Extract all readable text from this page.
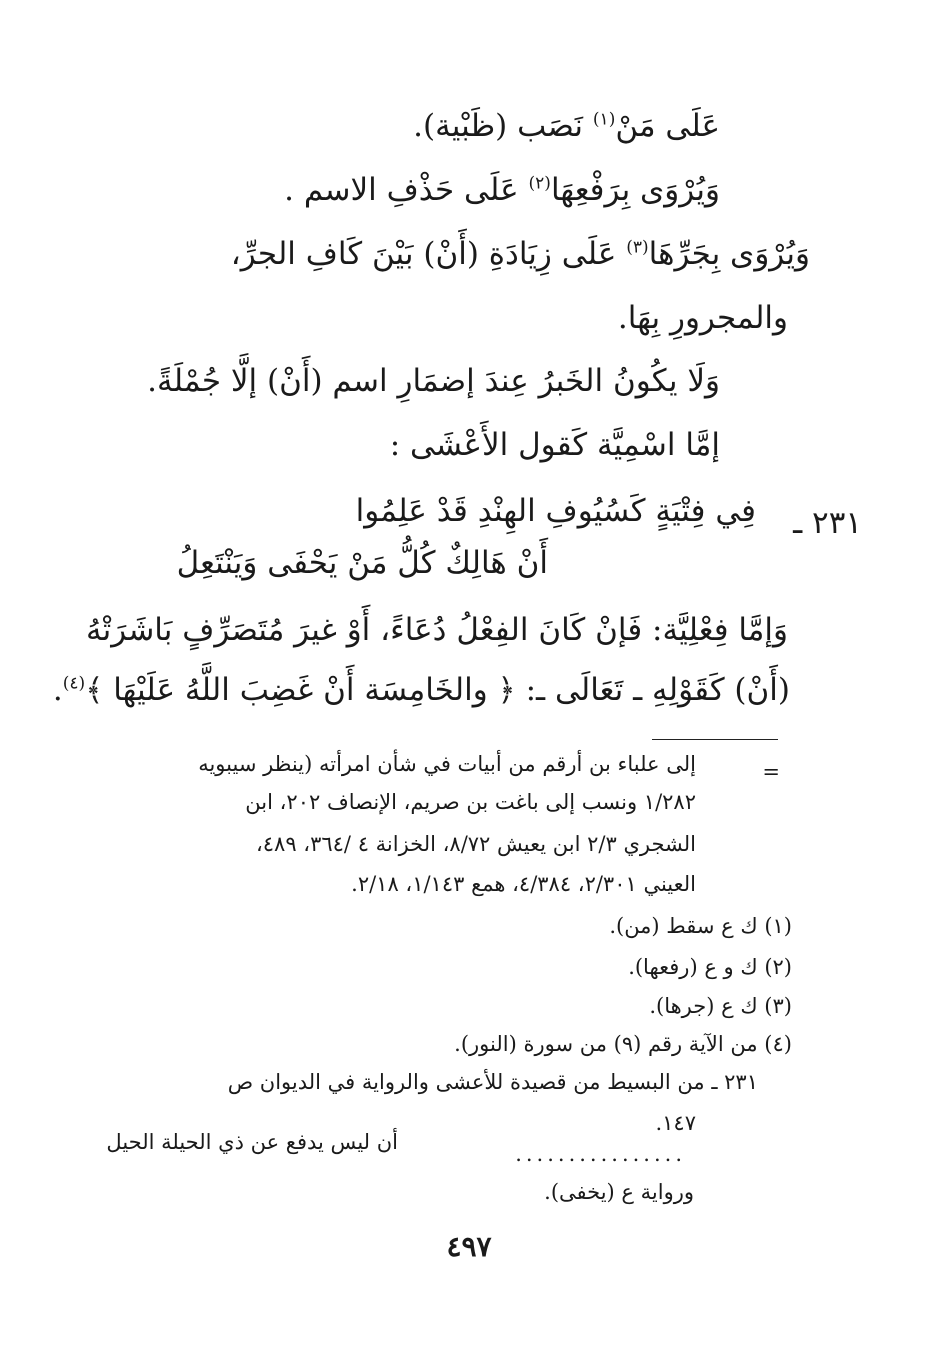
عَلَى مَنْ$^{(١)}$ نَصَب (ظَبْية).
وَيُرْوَى بِرَفْعِهَا$^{(٢)}$ عَلَى حَذْفِ الاسم .
وَيُرْوَى بِجَرِّهَا$^{(٣)}$ عَلَى زِيَادَةِ (أَنْ) بَيْنَ كَافِ الجرِّ،
والمجرورِ بِهَا.
وَلَا يكُونُ الخَبرُ عِندَ إضمَارِ اسم (أَنْ) إلَّا جُمْلَةً.
إمَّا اسْمِيَّة كَقول الأَعْشَى :
٢٣١ ـ
فِي فِتْيَةٍ كَسُيُوفِ الهِنْدِ قَدْ عَلِمُوا
أَنْ هَالِكٌ كُلُّ مَنْ يَحْفَى وَيَنْتَعِلُ
وَإمَّا فِعْلِيَّة: فَإنْ كَانَ الفِعْلُ دُعَاءً، أَوْ غيرَ مُتَصَرِّفٍ بَاشَرَتْهُ
(أَنْ) كَقَوْلِهِ ـ تَعَالَى ـ: ﴿ والخَامِسَة أَنْ غَضِبَ اللَّهُ عَلَيْهَا ﴾$^{(٤)}$.
=
إلى علباء بن أرقم من أبيات في شأن امرأته (ينظر سيبويه
١/٢٨٢ ونسب إلى باغت بن صريم، الإنصاف ٢٠٢، ابن
الشجري ٢/٣ ابن يعيش ٨/٧٢، الخزانة ٤ /٣٦٤، ٤٨٩،
العيني ٢/٣٠١، ٤/٣٨٤، همع ١/١٤٣، ٢/١٨.
(١) ك ع سقط (من).
(٢) ك و ع (رفعها).
(٣) ك ع (جرها).
(٤) من الآية رقم (٩) من سورة (النور).
٢٣١ ـ من البسيط من قصيدة للأعشى والرواية في الديوان ص
١٤٧.
أن ليس يدفع عن ذي الحيلة الحيل	................
ورواية ع (يخفى).
٤٩٧
